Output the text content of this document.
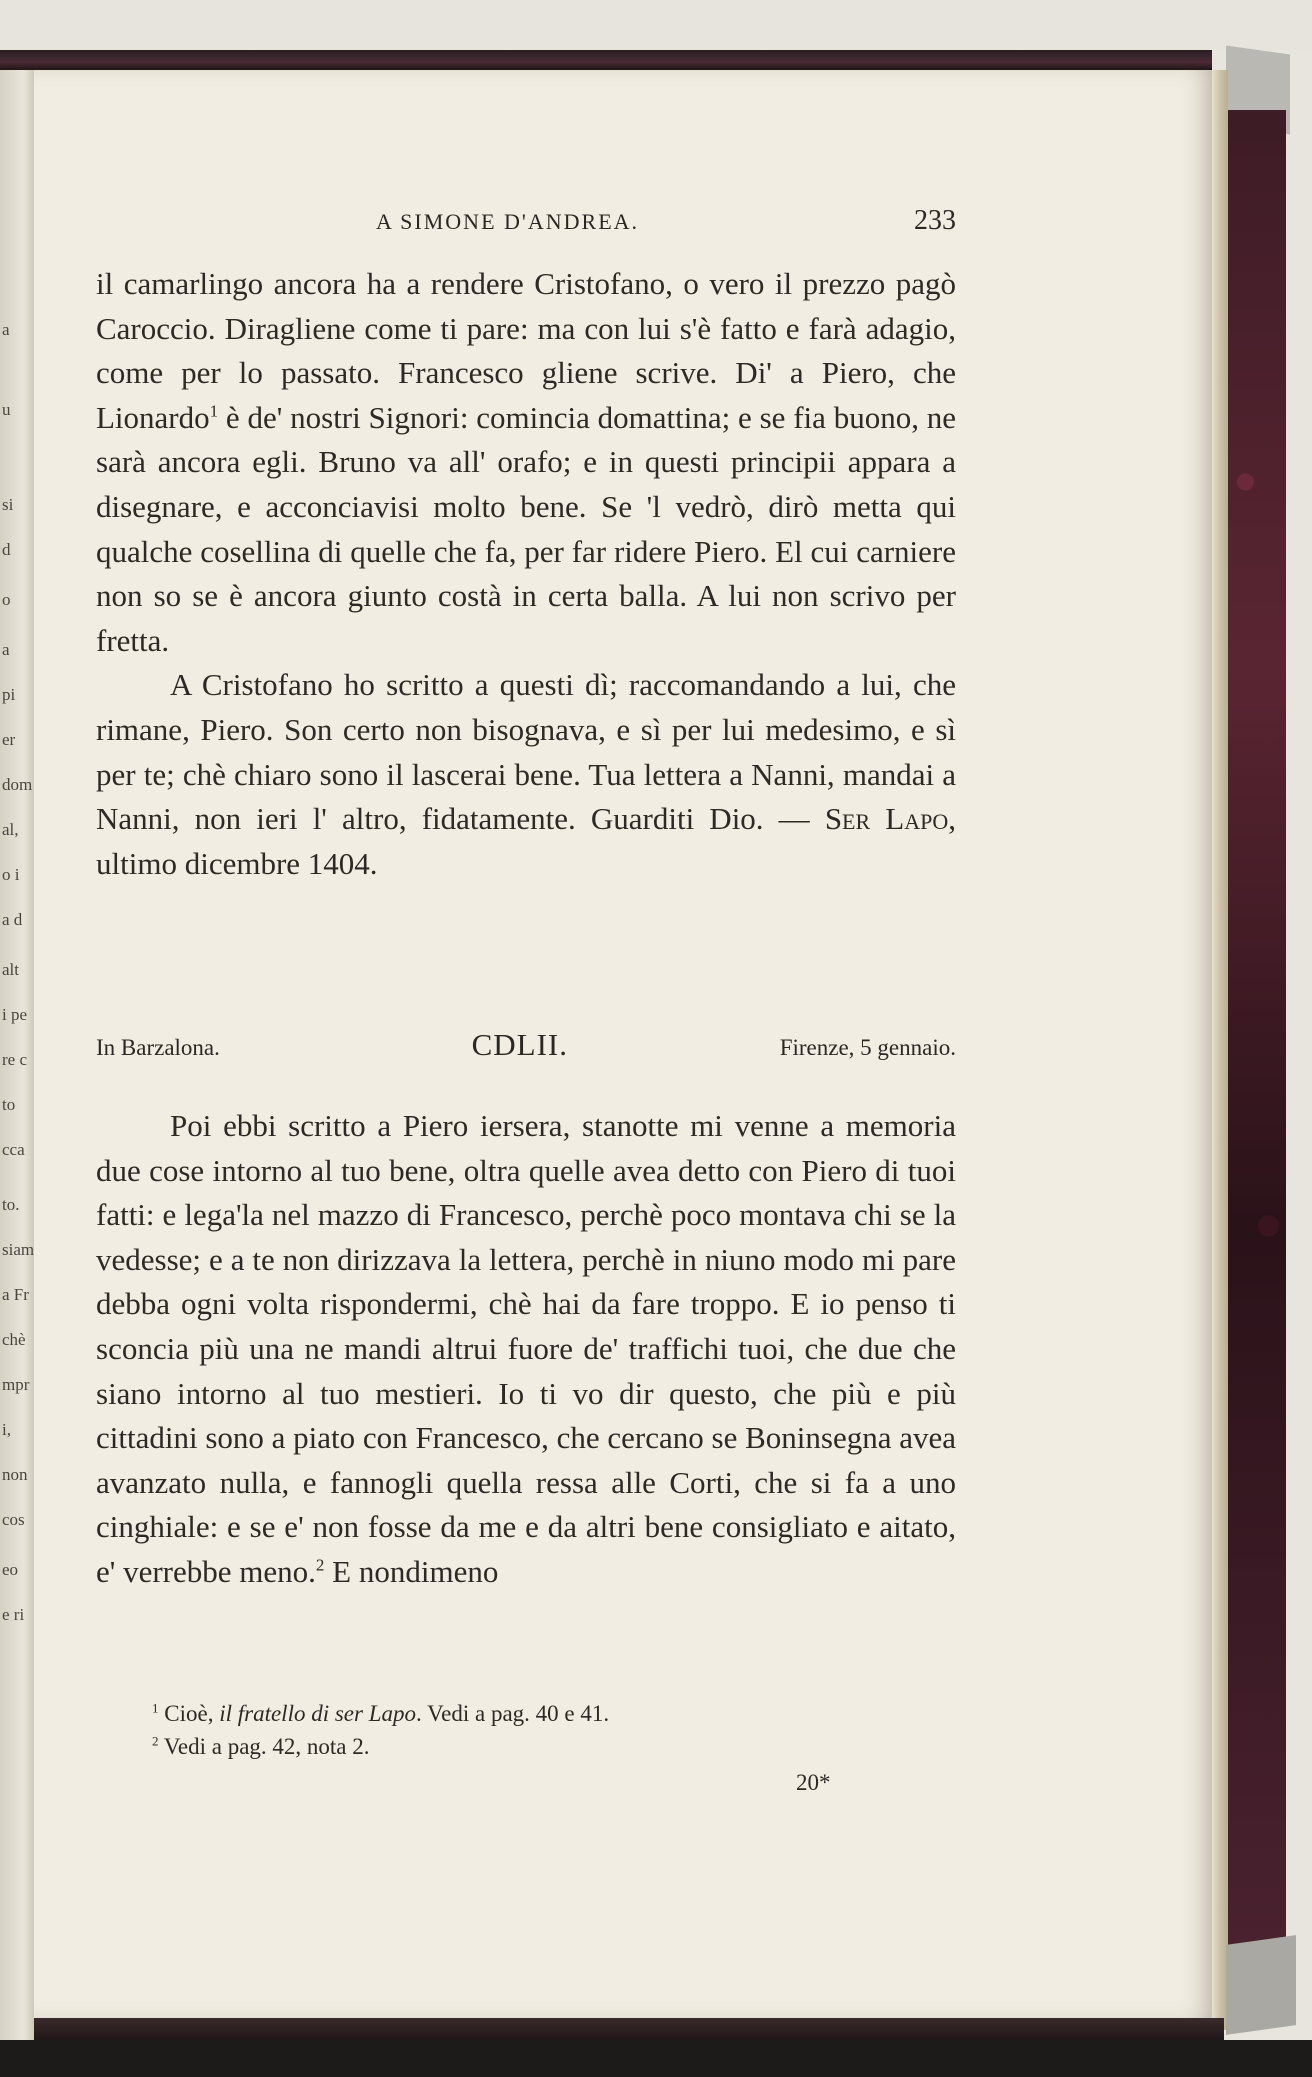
a
u
si
d
o
a
pi
er
dom
al,
o i
a d
alt
i pe
re c
to
cca
to.
siam
a Fr
chè
mpr
i,
non
cos
eo
e ri
A SIMONE D'ANDREA.	233

il camarlingo ancora ha a rendere Cristofano, o vero il prezzo pagò Caroccio. Diragliene come ti pare: ma con lui s'è fatto e farà adagio, come per lo passato. Francesco gliene scrive. Di' a Piero, che Lionardo$^1$ è de' nostri Signori: comincia domattina; e se fia buono, ne sarà ancora egli. Bruno va all' orafo; e in questi principii appara a disegnare, e acconciavisi molto bene. Se 'l vedrò, dirò metta qui qualche cosellina di quelle che fa, per far ridere Piero. El cui carniere non so se è ancora giunto costà in certa balla. A lui non scrivo per fretta.

A Cristofano ho scritto a questi dì; raccomandando a lui, che rimane, Piero. Son certo non bisognava, e sì per lui medesimo, e sì per te; chè chiaro sono il lascerai bene. Tua lettera a Nanni, mandai a Nanni, non ieri l' altro, fidatamente. Guarditi Dio. — Ser Lapo, ultimo dicembre 1404.

In Barzalona.	CDLII.	Firenze, 5 gennaio.

Poi ebbi scritto a Piero iersera, stanotte mi venne a memoria due cose intorno al tuo bene, oltra quelle avea detto con Piero di tuoi fatti: e lega'la nel mazzo di Francesco, perchè poco montava chi se la vedesse; e a te non dirizzava la lettera, perchè in niuno modo mi pare debba ogni volta rispondermi, chè hai da fare troppo. E io penso ti sconcia più una ne mandi altrui fuore de' traffichi tuoi, che due che siano intorno al tuo mestieri. Io ti vo dir questo, che più e più cittadini sono a piato con Francesco, che cercano se Boninsegna avea avanzato nulla, e fannogli quella ressa alle Corti, che si fa a uno cinghiale: e se e' non fosse da me e da altri bene consigliato e aitato, e' verrebbe meno.$^2$ E nondimeno

$^1$ Cioè, il fratello di ser Lapo. Vedi a pag. 40 e 41.
$^2$ Vedi a pag. 42, nota 2.
20*
